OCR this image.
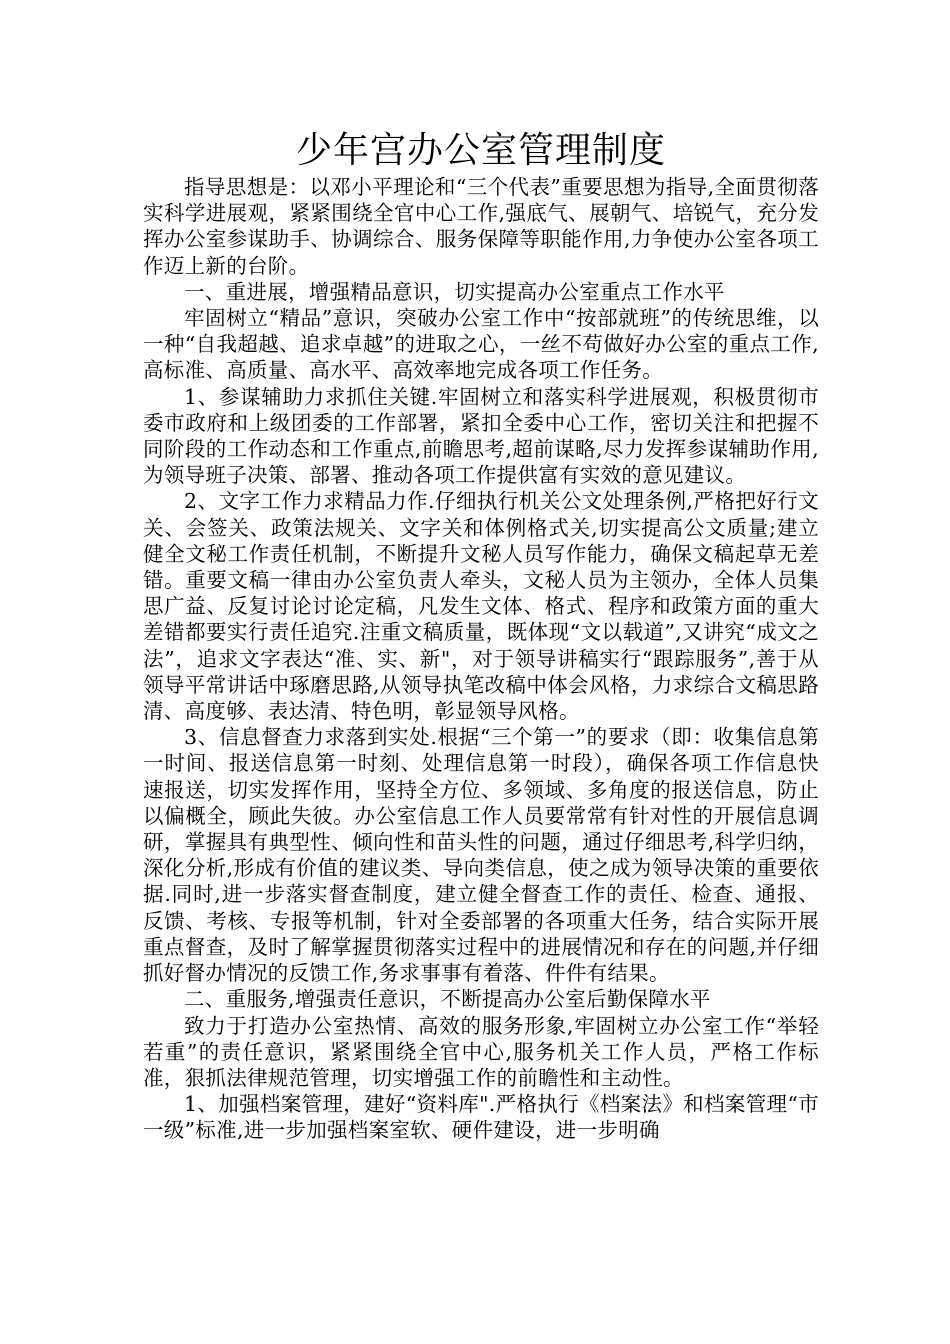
少年宫办公室管理制度

指导思想是：以邓小平理论和“三个代表”重要思想为指导,全面贯彻落实科学进展观，紧紧围绕全官中心工作,强底气、展朝气、培锐气，充分发挥办公室参谋助手、协调综合、服务保障等职能作用,力争使办公室各项工作迈上新的台阶。

一、重进展，增强精品意识，切实提高办公室重点工作水平

牢固树立“精品”意识，突破办公室工作中“按部就班”的传统思维，以一种“自我超越、追求卓越”的进取之心，一丝不苟做好办公室的重点工作,高标准、高质量、高水平、高效率地完成各项工作任务。

1、参谋辅助力求抓住关键.牢固树立和落实科学进展观，积极贯彻市委市政府和上级团委的工作部署，紧扣全委中心工作，密切关注和把握不同阶段的工作动态和工作重点,前瞻思考,超前谋略,尽力发挥参谋辅助作用,为领导班子决策、部署、推动各项工作提供富有实效的意见建议。

2、文字工作力求精品力作.仔细执行机关公文处理条例,严格把好行文关、会签关、政策法规关、文字关和体例格式关,切实提高公文质量;建立健全文秘工作责任机制，不断提升文秘人员写作能力，确保文稿起草无差错。重要文稿一律由办公室负责人牵头，文秘人员为主领办，全体人员集思广益、反复讨论讨论定稿，凡发生文体、格式、程序和政策方面的重大差错都要实行责任追究.注重文稿质量，既体现“文以载道”,又讲究“成文之法”，追求文字表达“准、实、新"，对于领导讲稿实行“跟踪服务”,善于从领导平常讲话中琢磨思路,从领导执笔改稿中体会风格，力求综合文稿思路清、高度够、表达清、特色明，彰显领导风格。

3、信息督查力求落到实处.根据“三个第一”的要求（即：收集信息第一时间、报送信息第一时刻、处理信息第一时段），确保各项工作信息快速报送，切实发挥作用，坚持全方位、多领域、多角度的报送信息，防止以偏概全，顾此失彼。办公室信息工作人员要常常有针对性的开展信息调研，掌握具有典型性、倾向性和苗头性的问题，通过仔细思考,科学归纳，深化分析,形成有价值的建议类、导向类信息，使之成为领导决策的重要依据.同时,进一步落实督查制度，建立健全督查工作的责任、检查、通报、反馈、考核、专报等机制，针对全委部署的各项重大任务，结合实际开展重点督查，及时了解掌握贯彻落实过程中的进展情况和存在的问题,并仔细抓好督办情况的反馈工作,务求事事有着落、件件有结果。

二、重服务,增强责任意识，不断提高办公室后勤保障水平

致力于打造办公室热情、高效的服务形象,牢固树立办公室工作“举轻若重”的责任意识，紧紧围绕全官中心,服务机关工作人员，严格工作标准，狠抓法律规范管理，切实增强工作的前瞻性和主动性。

1、加强档案管理，建好“资料库".严格执行《档案法》和档案管理“市一级”标准,进一步加强档案室软、硬件建设，进一步明确
